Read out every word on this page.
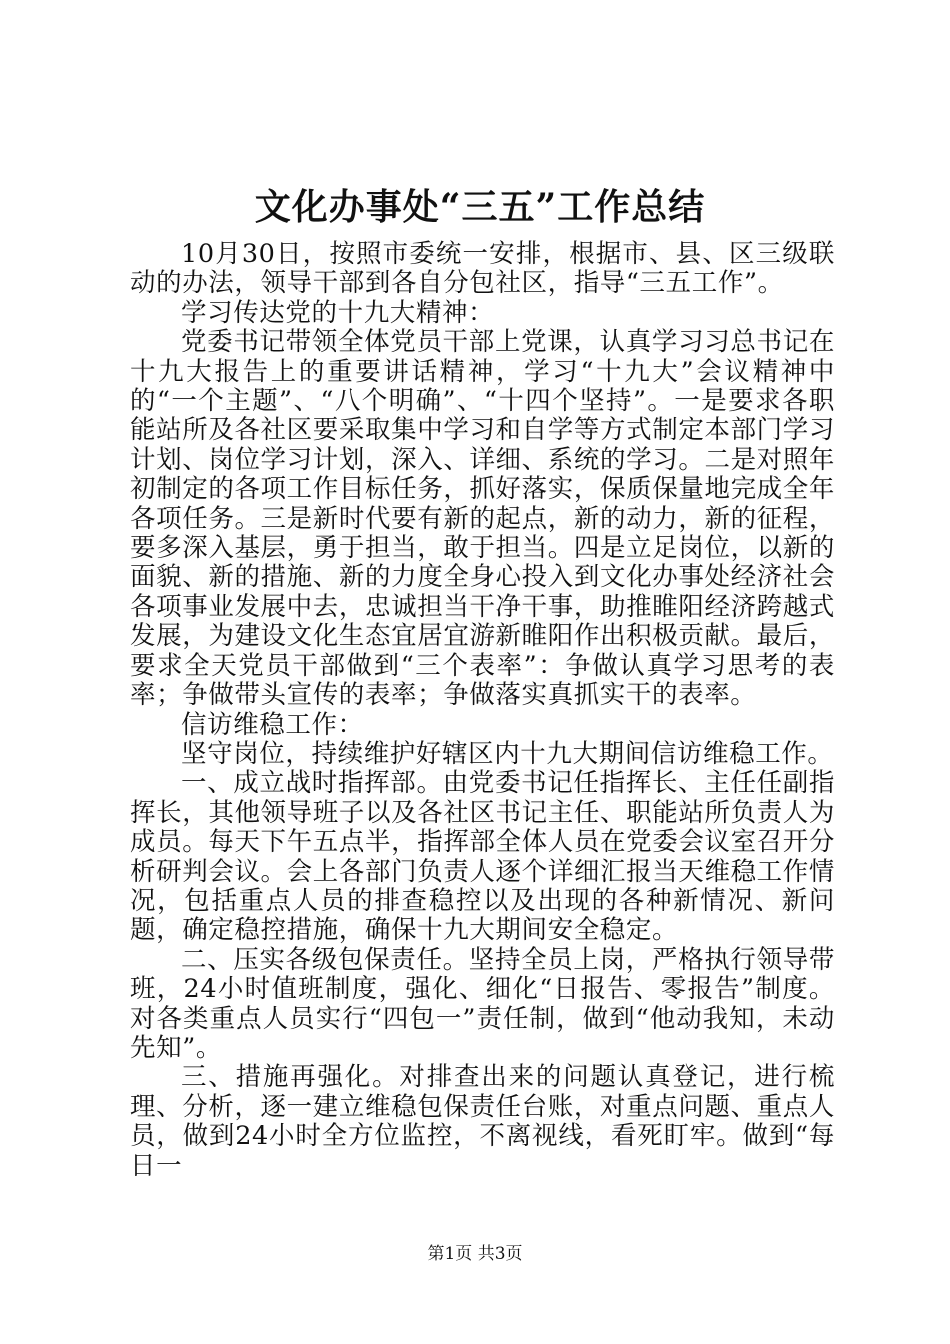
文化办事处“三五”工作总结

10月30日，按照市委统一安排，根据市、县、区三级联动的办法，领导干部到各自分包社区，指导“三五工作”。

学习传达党的十九大精神：

党委书记带领全体党员干部上党课，认真学习习总书记在十九大报告上的重要讲话精神，学习“十九大”会议精神中的“一个主题”、“八个明确”、“十四个坚持”。一是要求各职能站所及各社区要采取集中学习和自学等方式制定本部门学习计划、岗位学习计划，深入、详细、系统的学习。二是对照年初制定的各项工作目标任务，抓好落实，保质保量地完成全年各项任务。三是新时代要有新的起点，新的动力，新的征程，要多深入基层，勇于担当，敢于担当。四是立足岗位，以新的面貌、新的措施、新的力度全身心投入到文化办事处经济社会各项事业发展中去，忠诚担当干净干事，助推睢阳经济跨越式发展，为建设文化生态宜居宜游新睢阳作出积极贡献。最后，要求全天党员干部做到“三个表率”：争做认真学习思考的表率；争做带头宣传的表率；争做落实真抓实干的表率。

信访维稳工作：

坚守岗位，持续维护好辖区内十九大期间信访维稳工作。

一、成立战时指挥部。由党委书记任指挥长、主任任副指挥长，其他领导班子以及各社区书记主任、职能站所负责人为成员。每天下午五点半，指挥部全体人员在党委会议室召开分析研判会议。会上各部门负责人逐个详细汇报当天维稳工作情况，包括重点人员的排查稳控以及出现的各种新情况、新问题，确定稳控措施，确保十九大期间安全稳定。

二、压实各级包保责任。坚持全员上岗，严格执行领导带班，24小时值班制度，强化、细化“日报告、零报告”制度。对各类重点人员实行“四包一”责任制，做到“他动我知，未动先知”。

三、措施再强化。对排查出来的问题认真登记，进行梳理、分析，逐一建立维稳包保责任台账，对重点问题、重点人员，做到24小时全方位监控，不离视线，看死盯牢。做到“每日一

第1页 共3页
